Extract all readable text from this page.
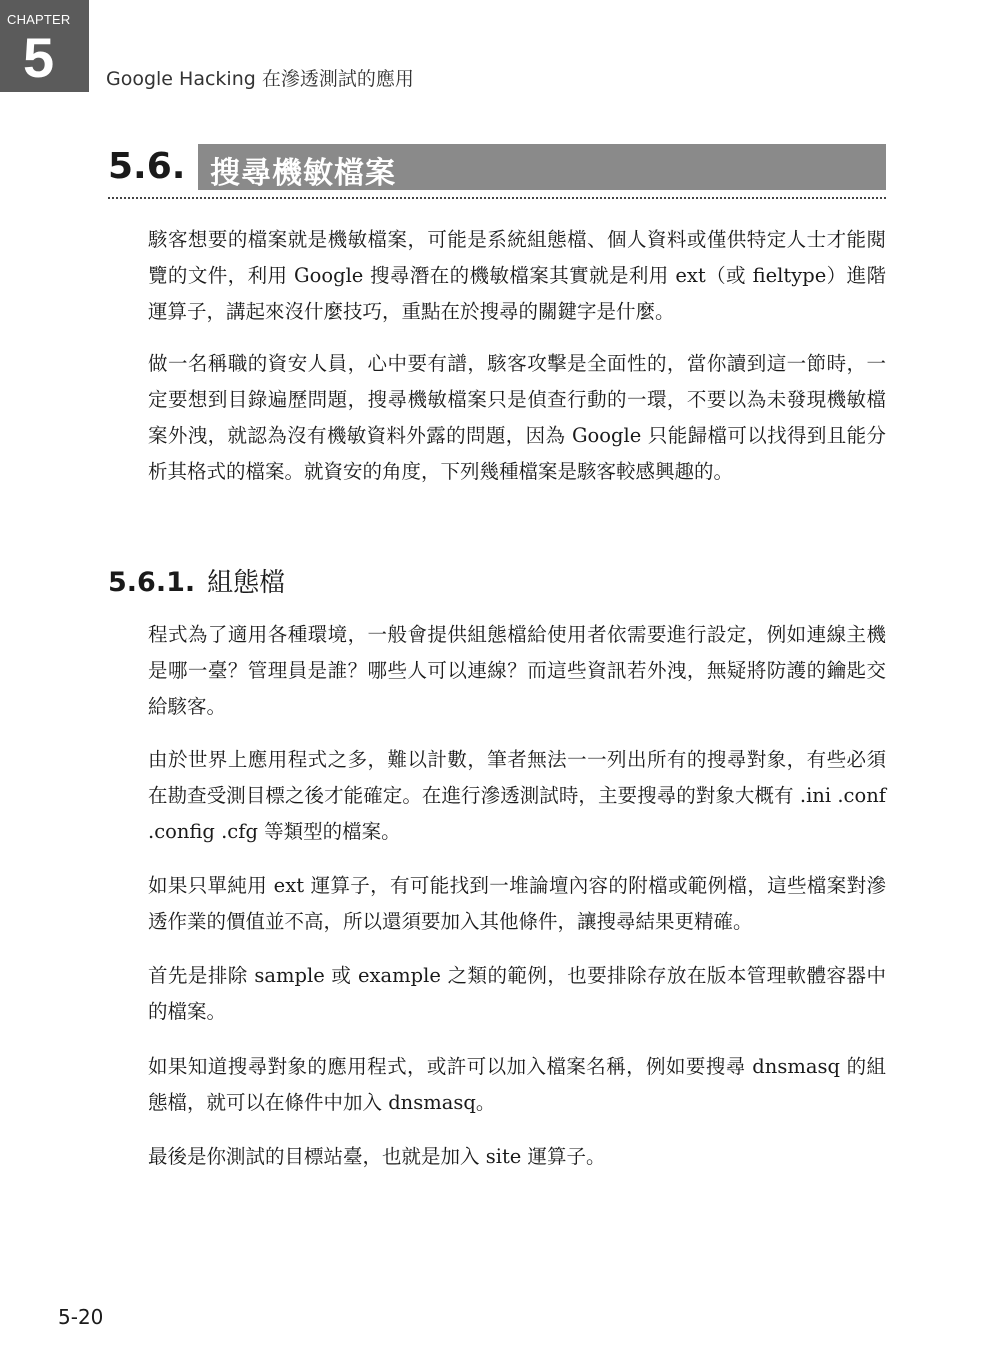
CHAPTER
5	Google Hacking 在滲透測試的應用
5.6. 搜尋機敏檔案

駭客想要的檔案就是機敏檔案，可能是系統組態檔、個人資料或僅供特定人士才能閱覽的文件，利用 Google 搜尋潛在的機敏檔案其實就是利用 ext（或 fieltype）進階運算子，講起來沒什麼技巧，重點在於搜尋的關鍵字是什麼。

做一名稱職的資安人員，心中要有譜，駭客攻擊是全面性的，當你讀到這一節時，一定要想到目錄遍歷問題，搜尋機敏檔案只是偵查行動的一環，不要以為未發現機敏檔案外洩，就認為沒有機敏資料外露的問題，因為 Google 只能歸檔可以找得到且能分析其格式的檔案。就資安的角度，下列幾種檔案是駭客較感興趣的。

5.6.1. 組態檔

程式為了適用各種環境，一般會提供組態檔給使用者依需要進行設定，例如連線主機是哪一臺？管理員是誰？哪些人可以連線？而這些資訊若外洩，無疑將防護的鑰匙交給駭客。

由於世界上應用程式之多，難以計數，筆者無法一一列出所有的搜尋對象，有些必須在勘查受測目標之後才能確定。在進行滲透測試時，主要搜尋的對象大概有 .ini .conf .config .cfg 等類型的檔案。

如果只單純用 ext 運算子，有可能找到一堆論壇內容的附檔或範例檔，這些檔案對滲透作業的價值並不高，所以還須要加入其他條件，讓搜尋結果更精確。

首先是排除 sample 或 example 之類的範例，也要排除存放在版本管理軟體容器中的檔案。

如果知道搜尋對象的應用程式，或許可以加入檔案名稱，例如要搜尋 dnsmasq 的組態檔，就可以在條件中加入 dnsmasq。

最後是你測試的目標站臺，也就是加入 site 運算子。

5-20
